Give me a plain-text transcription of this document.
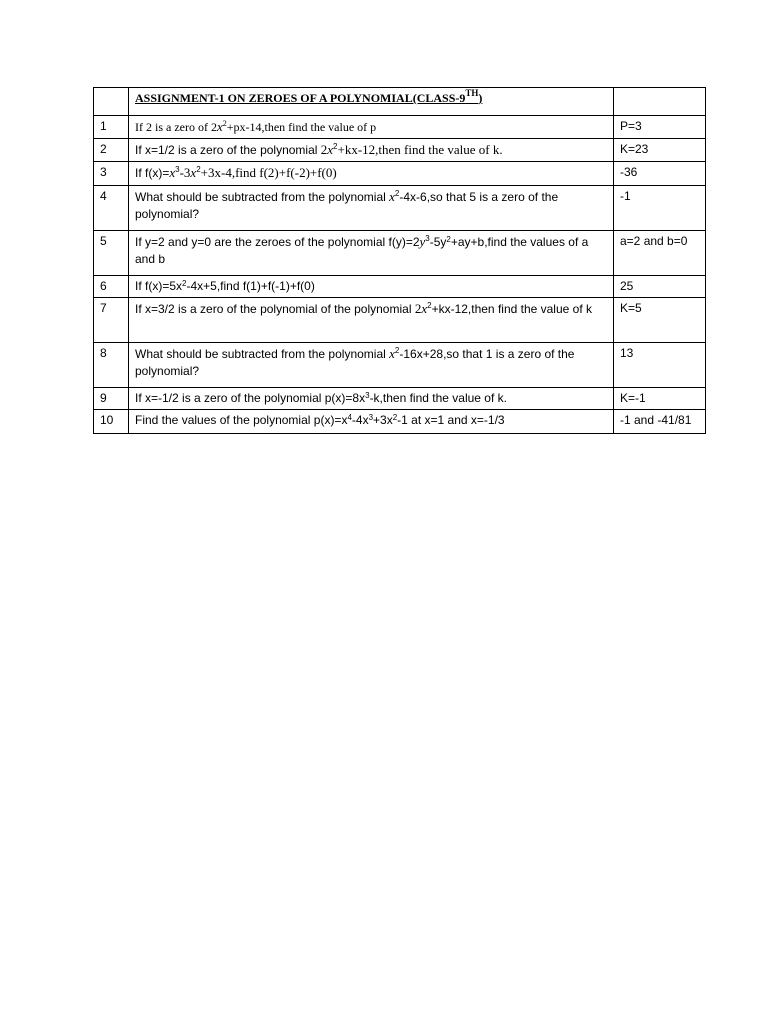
	ASSIGNMENT-1 ON ZEROES OF A POLYNOMIAL(CLASS-9TH)	
1	If 2 is a zero of $2x^2+px-14,then$ find the value of p	P=3
2	If x=1/2 is a zero of the polynomial $2x^2+kx-12,then$ find the value of k.	K=23
3	If $f(x)=x^3-3x^2+3x-4,find$ f(2)+f(-2)+f(0)	-36
4	What should be subtracted from the polynomial $x^2-4x-6,so$ that 5 is a zero of the polynomial?	-1
5	If y=2 and y=0 are the zeroes of the polynomial $f(y)=2y^3-5y^2+ay+b,find$ the values of a and b	a=2 and b=0
6	If $f(x)=5x^2-4x+5,find$ f(1)+f(-1)+f(0)	25
7	If x=3/2 is a zero of the polynomial of the polynomial $2x^2+kx-12,then$ find the value of k	K=5
8	What should be subtracted from the polynomial $x^2-16x+28,so$ that 1 is a zero of the polynomial?	13
9	If x=-1/2 is a zero of the polynomial $p(x)=8x^3-k,then$ find the value of k.	K=-1
10	Find the values of the polynomial $p(x)=x^4-4x^3+3x^2-1$ at x=1 and x=-1/3	-1 and -41/81
